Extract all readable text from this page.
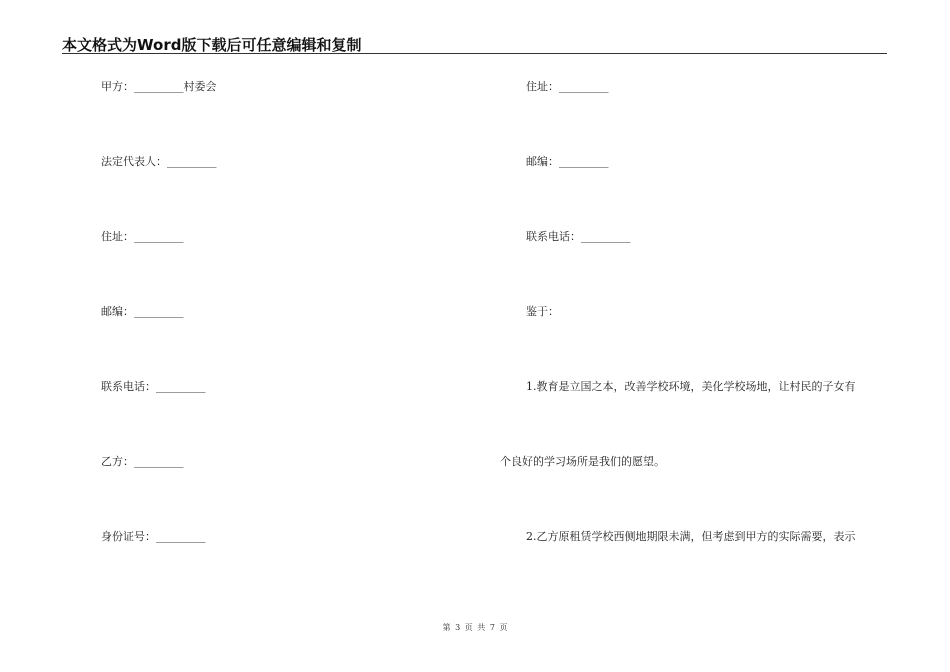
本文格式为Word版下载后可任意编辑和复制
甲方：_________村委会
法定代表人：_________
住址：_________
邮编：_________
联系电话：_________
乙方：_________
身份证号：_________
住址：_________
邮编：_________
联系电话：_________
鉴于：
1.教育是立国之本，改善学校环境，美化学校场地，让村民的子女有
个良好的学习场所是我们的愿望。
2.乙方原租赁学校西侧地期限未满，但考虑到甲方的实际需要，表示
第 3 页 共 7 页
